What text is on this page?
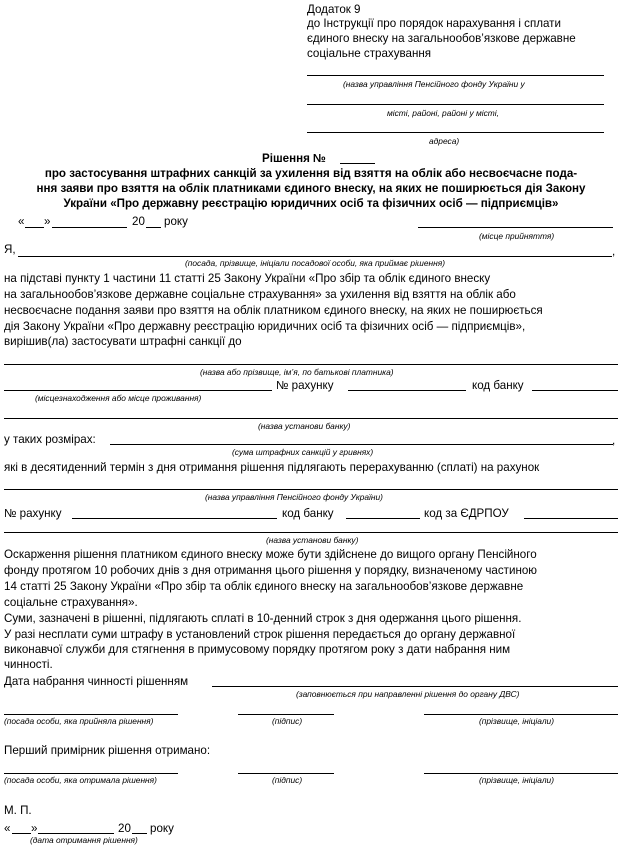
Додаток 9
до Інструкції про порядок нарахування і сплати
єдиного внеску на загальнообов’язкове державне
соціальне страхування
(назва управління Пенсійного фонду України у
місті, районі, районі у місті,
адреса)
Рішення №
про застосування штрафних санкцій за ухилення від взяття на облік або несвоєчасне пода-
ння заяви про взяття на облік платниками єдиного внеску, на яких не поширюється дія Закону
України «Про державну реєстрацію юридичних осіб та фізичних осіб — підприємців»
« »	20 року
(місце прийняття)
Я,	,
(посада, прізвище, ініціали посадової особи, яка приймає рішення)
на підставі пункту 1 частини 11 статті 25 Закону України «Про збір та облік єдиного внеску
на загальнообов’язкове державне соціальне страхування» за ухилення від взяття на облік або
несвоєчасне подання заяви про взяття на облік платником єдиного внеску, на яких не поширюється
дія Закону України «Про державну реєстрацію юридичних осіб та фізичних осіб — підприємців»,
вирішив(ла) застосувати штрафні санкції до
(назва або прізвище, ім’я, по батькові платника)
№ рахунку	код банку
(місцезнаходження або місце проживання)
(назва установи банку)
у таких розмірах:	,
(сума штрафних санкцій у гривнях)
які в десятиденний термін з дня отримання рішення підлягають перерахуванню (сплаті) на рахунок
(назва управління Пенсійного фонду України)
№ рахунку	код банку	код за ЄДРПОУ
(назва установи банку)
Оскарження рішення платником єдиного внеску може бути здійснене до вищого органу Пенсійного
фонду протягом 10 робочих днів з дня отримання цього рішення у порядку, визначеному частиною
14 статті 25 Закону України «Про збір та облік єдиного внеску на загальнообов’язкове державне
соціальне страхування».
Суми, зазначені в рішенні, підлягають сплаті в 10-денний строк з дня одержання цього рішення.
У разі несплати суми штрафу в установлений строк рішення передається до органу державної
виконавчої служби для стягнення в примусовому порядку протягом року з дати набрання ним
чинності.
Дата набрання чинності рішенням
(заповнюється при направленні рішення до органу ДВС)
(посада особи, яка прийняла рішення)	(підпис)	(прізвище, ініціали)
Перший примірник рішення отримано:
(посада особи, яка отримала рішення)	(підпис)	(прізвище, ініціали)
М. П.
« »	20 року
(дата отримання рішення)
